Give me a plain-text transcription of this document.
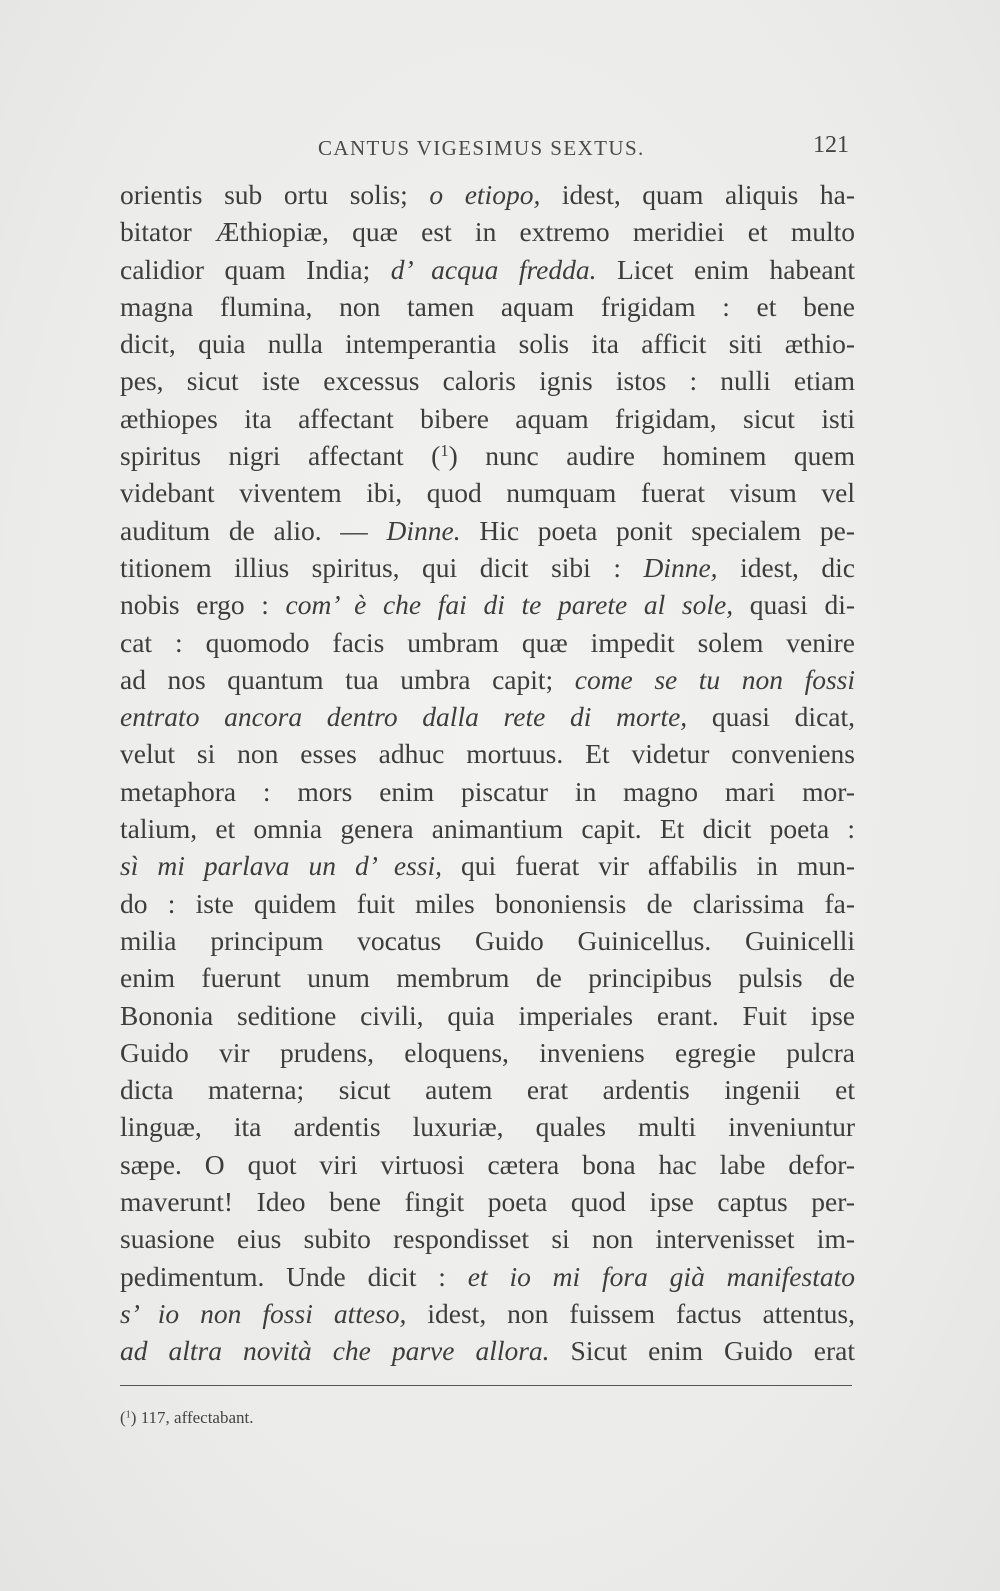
CANTUS VIGESIMUS SEXTUS.	121
orientis sub ortu solis; o etiopo, idest, quam aliquis ha-
bitator Æthiopiæ, quæ est in extremo meridiei et multo
calidior quam India; d’ acqua fredda. Licet enim habeant
magna flumina, non tamen aquam frigidam : et bene
dicit, quia nulla intemperantia solis ita afficit siti æthio-
pes, sicut iste excessus caloris ignis istos : nulli etiam
æthiopes ita affectant bibere aquam frigidam, sicut isti
spiritus nigri affectant ($^1$) nunc audire hominem quem
videbant viventem ibi, quod numquam fuerat visum vel
auditum de alio. — Dinne. Hic poeta ponit specialem pe-
titionem illius spiritus, qui dicit sibi : Dinne, idest, dic
nobis ergo : com’ è che fai di te parete al sole, quasi di-
cat : quomodo facis umbram quæ impedit solem venire
ad nos quantum tua umbra capit; come se tu non fossi
entrato ancora dentro dalla rete di morte, quasi dicat,
velut si non esses adhuc mortuus. Et videtur conveniens
metaphora : mors enim piscatur in magno mari mor-
talium, et omnia genera animantium capit. Et dicit poeta :
sì mi parlava un d’ essi, qui fuerat vir affabilis in mun-
do : iste quidem fuit miles bononiensis de clarissima fa-
milia principum vocatus Guido Guinicellus. Guinicelli
enim fuerunt unum membrum de principibus pulsis de
Bononia seditione civili, quia imperiales erant. Fuit ipse
Guido vir prudens, eloquens, inveniens egregie pulcra
dicta materna; sicut autem erat ardentis ingenii et
linguæ, ita ardentis luxuriæ, quales multi inveniuntur
sæpe. O quot viri virtuosi cætera bona hac labe defor-
maverunt! Ideo bene fingit poeta quod ipse captus per-
suasione eius subito respondisset si non intervenisset im-
pedimentum. Unde dicit : et io mi fora già manifestato
s’ io non fossi atteso, idest, non fuissem factus attentus,
ad altra novità che parve allora. Sicut enim Guido erat
($^1$) 117, affectabant.
